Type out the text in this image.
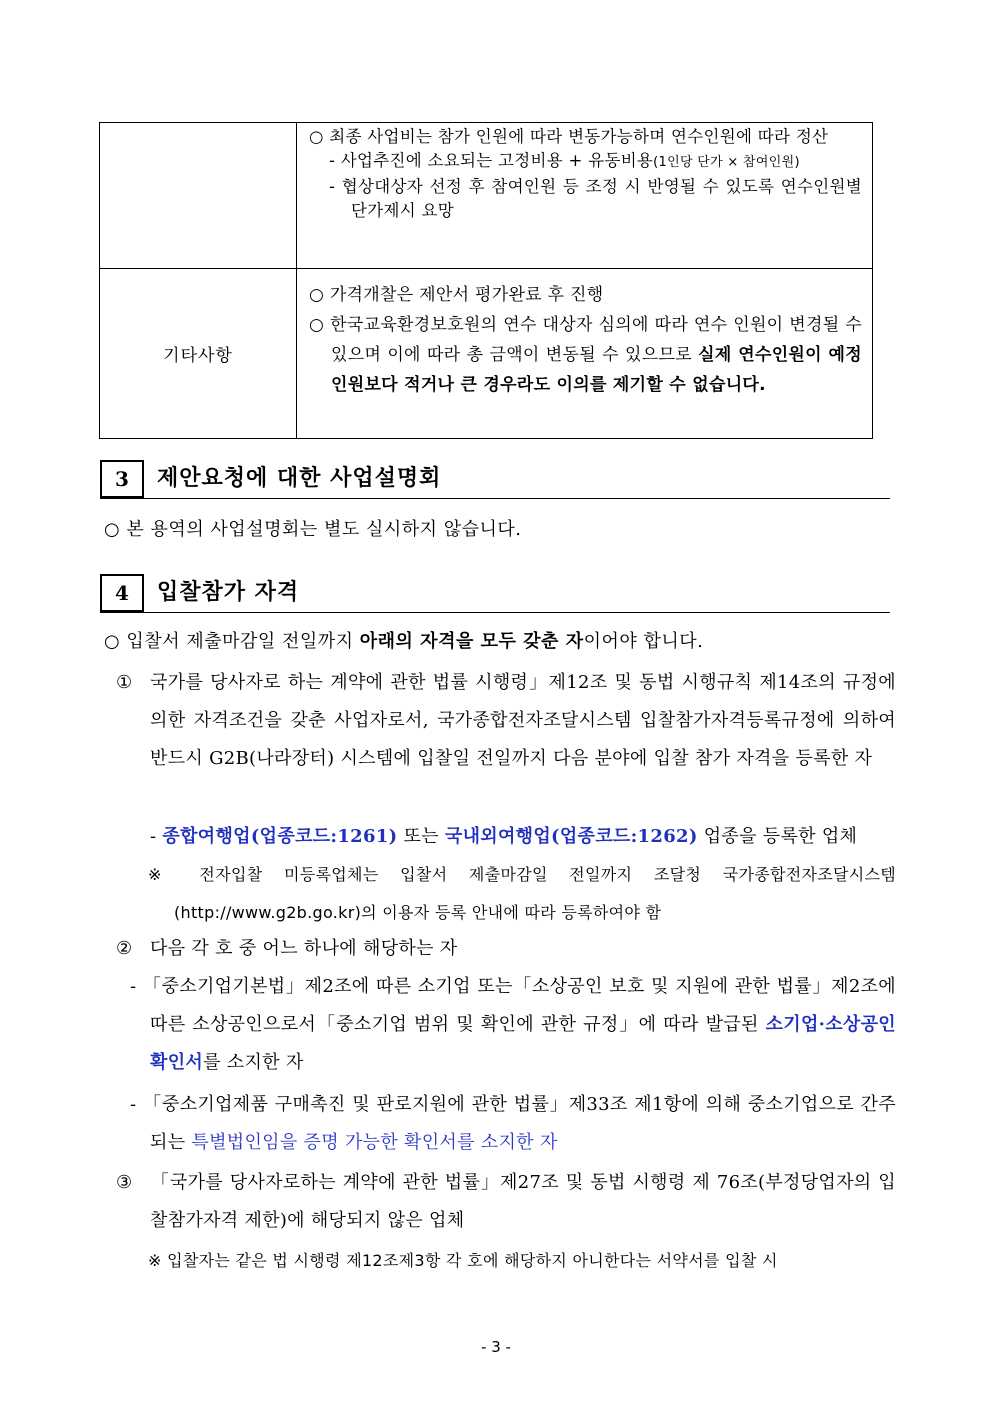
	○ 최종 사업비는 참가 인원에 따라 변동가능하며 연수인원에 따라 정산
- 사업추진에 소요되는 고정비용 + 유동비용(1인당 단가 × 참여인원)
- 협상대상자 선정 후 참여인원 등 조정 시 반영될 수 있도록 연수인원별 단가제시 요망

기타사항	○ 가격개찰은 제안서 평가완료 후 진행
○ 한국교육환경보호원의 연수 대상자 심의에 따라 연수 인원이 변경될 수 있으며 이에 따라 총 금액이 변동될 수 있으므로 실제 연수인원이 예정인원보다 적거나 큰 경우라도 이의를 제기할 수 없습니다.
3	제안요청에 대한 사업설명회
○ 본 용역의 사업설명회는 별도 실시하지 않습니다.
4	입찰참가 자격
○ 입찰서 제출마감일 전일까지 아래의 자격을 모두 갖춘 자이어야 합니다.
① 국가를 당사자로 하는 계약에 관한 법률 시행령」제12조 및 동법 시행규칙 제14조의 규정에 의한 자격조건을 갖춘 사업자로서, 국가종합전자조달시스템 입찰참가자격등록규정에 의하여 반드시 G2B(나라장터) 시스템에 입찰일 전일까지 다음 분야에 입찰 참가 자격을 등록한 자
- 종합여행업(업종코드:1261) 또는 국내외여행업(업종코드:1262) 업종을 등록한 업체
※ 전자입찰 미등록업체는 입찰서 제출마감일 전일까지 조달청 국가종합전자조달시스템(http://www.g2b.go.kr)의 이용자 등록 안내에 따라 등록하여야 함
② 다음 각 호 중 어느 하나에 해당하는 자
- 「중소기업기본법」제2조에 따른 소기업 또는「소상공인 보호 및 지원에 관한 법률」제2조에 따른 소상공인으로서「중소기업 범위 및 확인에 관한 규정」에 따라 발급된 소기업·소상공인 확인서를 소지한 자
- 「중소기업제품 구매촉진 및 판로지원에 관한 법률」제33조 제1항에 의해 중소기업으로 간주되는 특별법인임을 증명 가능한 확인서를 소지한 자
③ 「국가를 당사자로하는 계약에 관한 법률」제27조 및 동법 시행령 제 76조(부정당업자의 입찰참가자격 제한)에 해당되지 않은 업체
※ 입찰자는 같은 법 시행령 제12조제3항 각 호에 해당하지 아니한다는 서약서를 입찰 시
- 3 -
